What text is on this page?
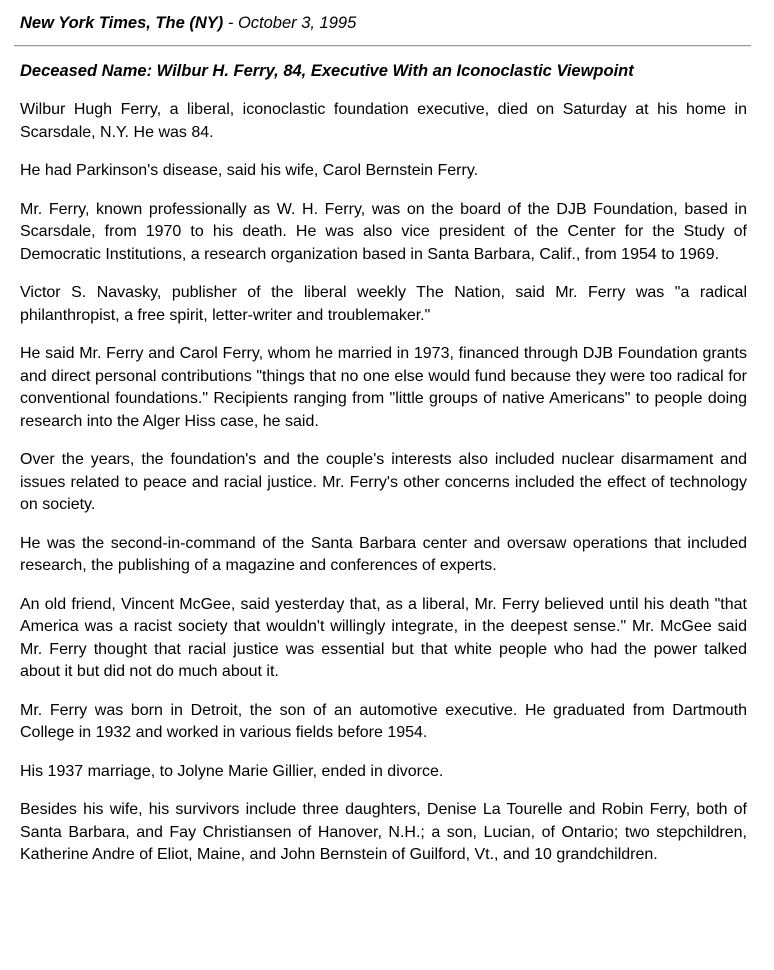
New York Times, The (NY) - October 3, 1995
Deceased Name: Wilbur H. Ferry, 84, Executive With an Iconoclastic Viewpoint

Wilbur Hugh Ferry, a liberal, iconoclastic foundation executive, died on Saturday at his home in Scarsdale, N.Y. He was 84.

He had Parkinson's disease, said his wife, Carol Bernstein Ferry.

Mr. Ferry, known professionally as W. H. Ferry, was on the board of the DJB Foundation, based in Scarsdale, from 1970 to his death. He was also vice president of the Center for the Study of Democratic Institutions, a research organization based in Santa Barbara, Calif., from 1954 to 1969.

Victor S. Navasky, publisher of the liberal weekly The Nation, said Mr. Ferry was "a radical philanthropist, a free spirit, letter-writer and troublemaker."

He said Mr. Ferry and Carol Ferry, whom he married in 1973, financed through DJB Foundation grants and direct personal contributions "things that no one else would fund because they were too radical for conventional foundations." Recipients ranging from "little groups of native Americans" to people doing research into the Alger Hiss case, he said.

Over the years, the foundation's and the couple's interests also included nuclear disarmament and issues related to peace and racial justice. Mr. Ferry's other concerns included the effect of technology on society.

He was the second-in-command of the Santa Barbara center and oversaw operations that included research, the publishing of a magazine and conferences of experts.

An old friend, Vincent McGee, said yesterday that, as a liberal, Mr. Ferry believed until his death "that America was a racist society that wouldn't willingly integrate, in the deepest sense." Mr. McGee said Mr. Ferry thought that racial justice was essential but that white people who had the power talked about it but did not do much about it.

Mr. Ferry was born in Detroit, the son of an automotive executive. He graduated from Dartmouth College in 1932 and worked in various fields before 1954.

His 1937 marriage, to Jolyne Marie Gillier, ended in divorce.

Besides his wife, his survivors include three daughters, Denise La Tourelle and Robin Ferry, both of Santa Barbara, and Fay Christiansen of Hanover, N.H.; a son, Lucian, of Ontario; two stepchildren, Katherine Andre of Eliot, Maine, and John Bernstein of Guilford, Vt., and 10 grandchildren.
